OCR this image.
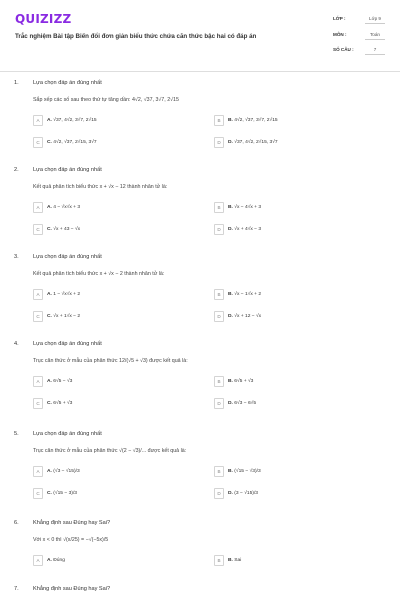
QUIZIZZ
Trắc nghiệm Bài tập Biến đổi đơn giản biểu thức chứa căn thức bậc hai có đáp án
LỚP :	Lớp 9
MÔN :	Toán
SỐ CÂU :	7
1.	Lựa chọn đáp án đúng nhất
Sắp xếp các số sau theo thứ tự tăng dần: 4√2, √37, 3√7, 2√15
A	A. √37, 4√2, 3√7, 2√15	B	B. 4√2, √37, 3√7, 2√15
C	C. 4√2, √37, 2√15, 3√7	D	D. √37, 4√2, 2√15, 3√7
2.	Lựa chọn đáp án đúng nhất
Kết quả phân tích biểu thức x + √x − 12 thành nhân tử là:
A	A. 4 − √x√x + 3	B	B. √x − 4√x + 3
C	C. √x + 43 − √x	D	D. √x + 4√x − 3
3.	Lựa chọn đáp án đúng nhất
Kết quả phân tích biểu thức x + √x − 2 thành nhân tử là:
A	A. 1 − √x√x + 2	B	B. √x − 1√x + 2
C	C. √x + 1√x − 2	D	D. √x + 12 − √x
4.	Lựa chọn đáp án đúng nhất
Trục căn thức ở mẫu của phân thức 12/(√5 + √3) được kết quả là:
A	A. 6√5 − √3	B	B. 6√5 + √3
C	C. 6√5 + √3	D	D. 6√3 − 6√5
5.	Lựa chọn đáp án đúng nhất
Trục căn thức ở mẫu của phân thức √(2 − √3)/... được kết quả là:
A	A. (√3 − √15)/3	B	B. (√15 − √3)/3
C	C. (√15 − 3)/3	D	D. (3 − √15)/3
6.	Khẳng định sau Đúng hay Sai?
Với x < 0 thì √(x/25) = −√(−5x)/5
A	A. Đúng	B	B. Sai
7.	Khẳng định sau Đúng hay Sai?
